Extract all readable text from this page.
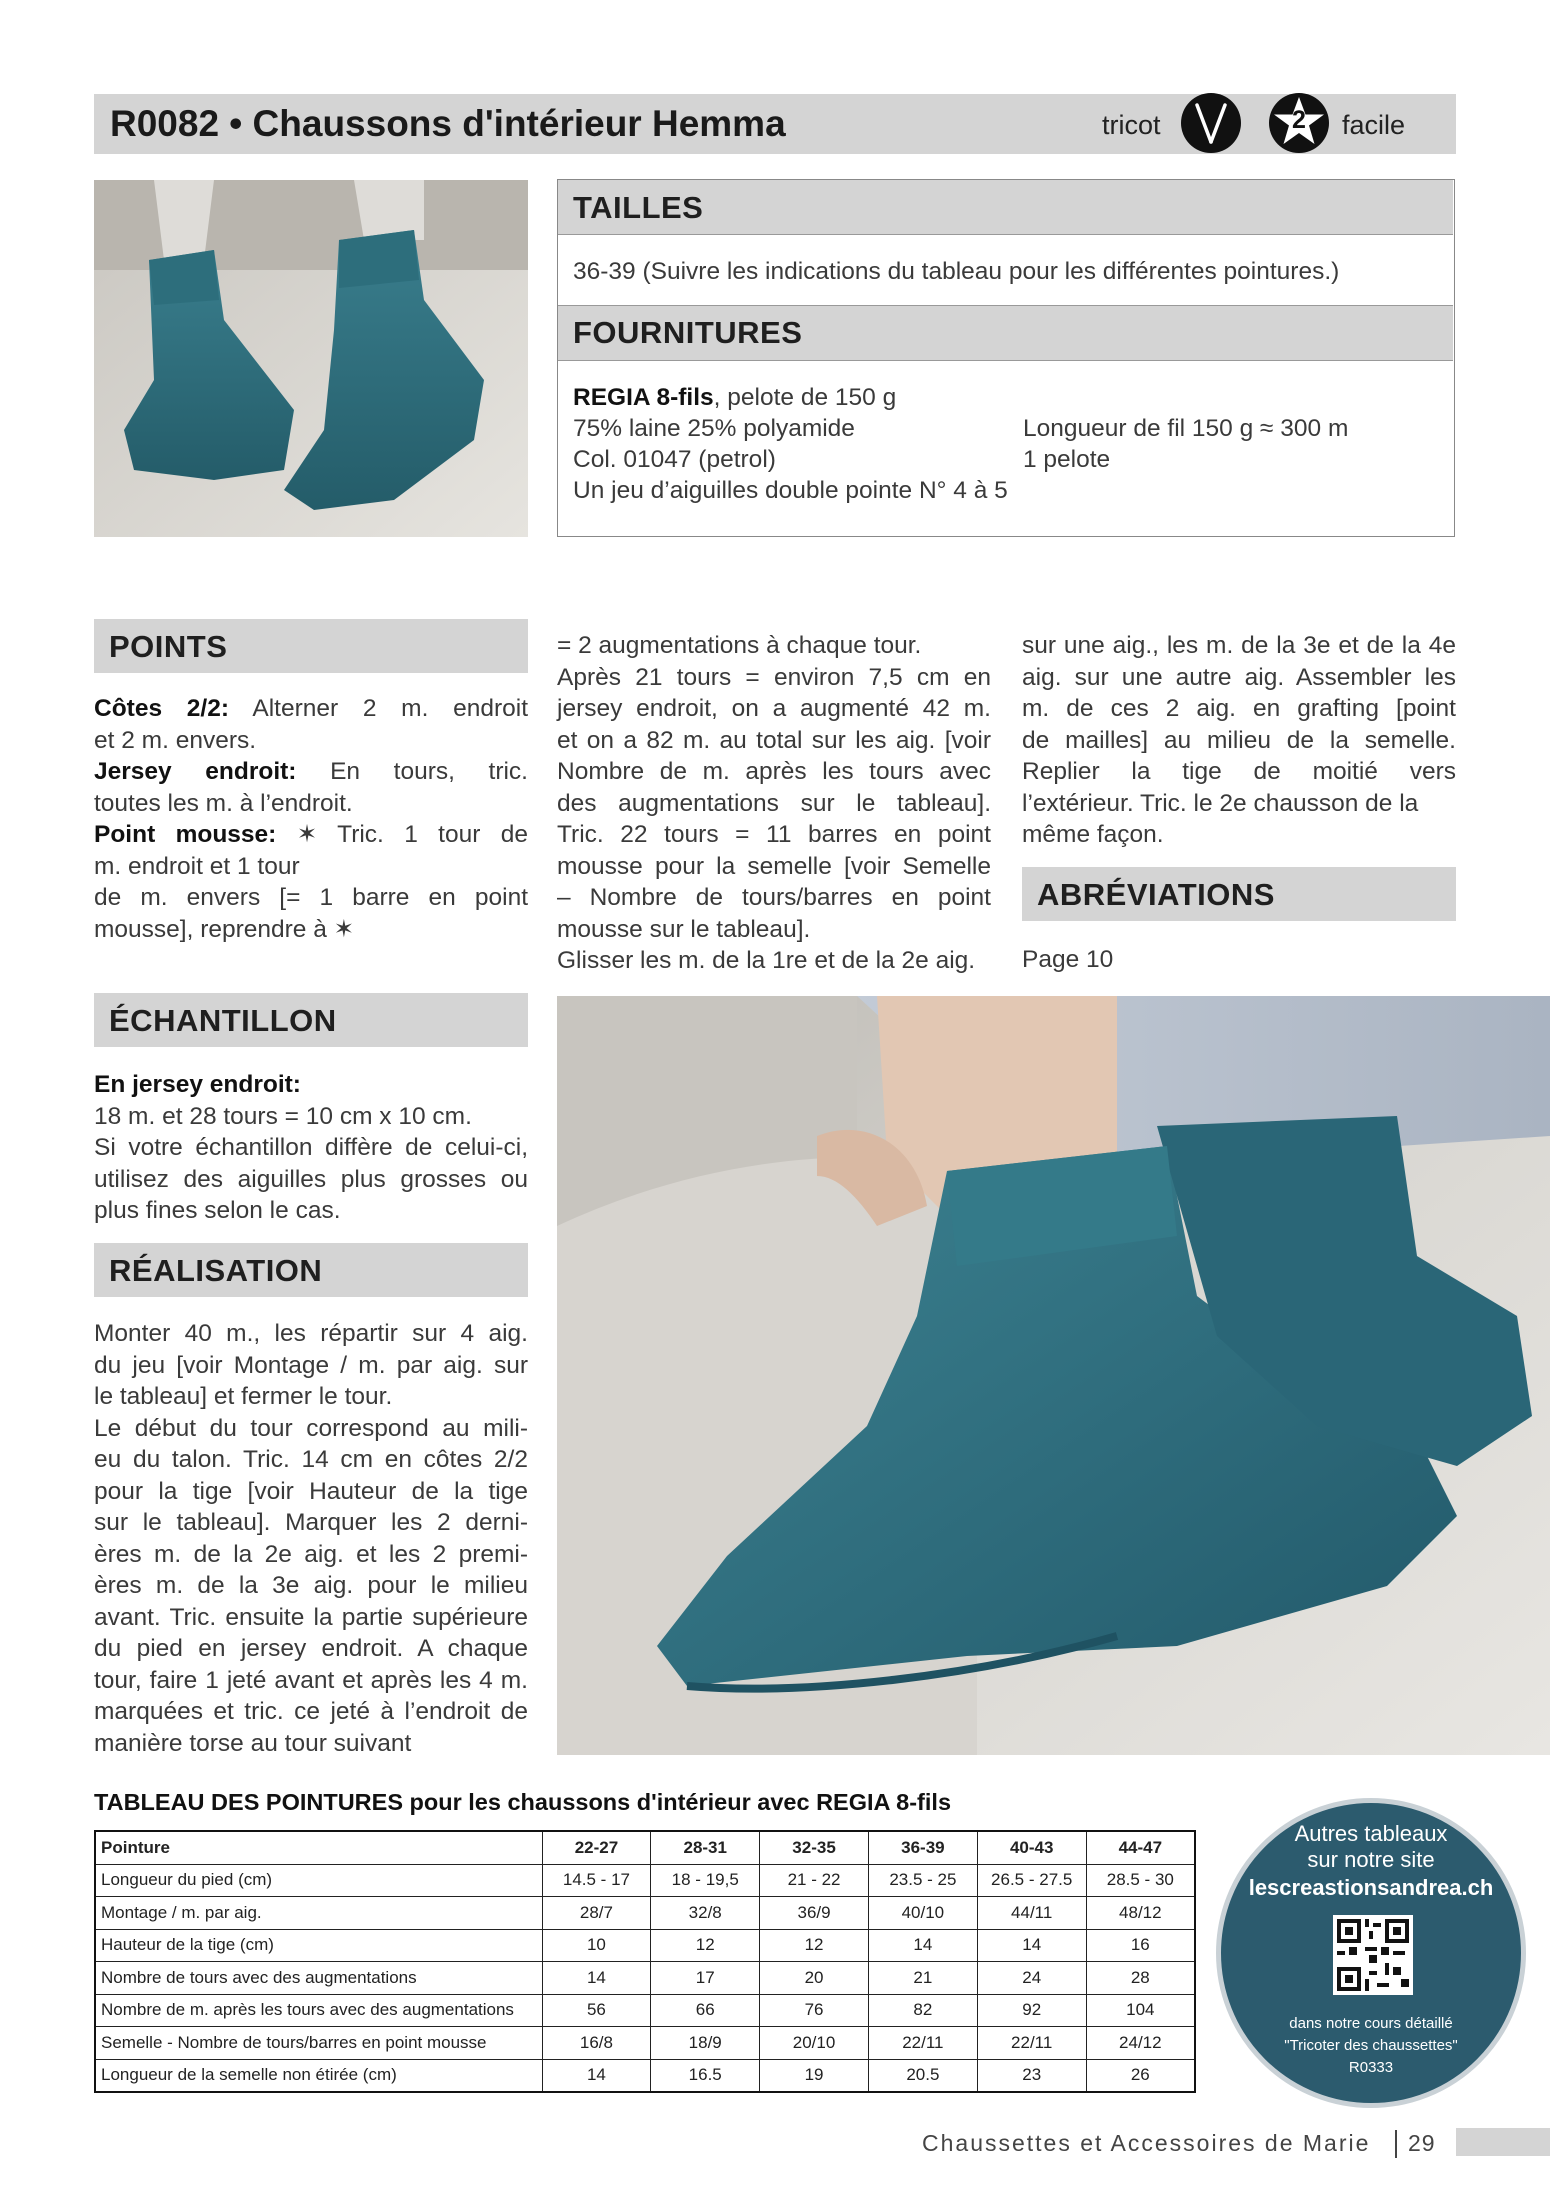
R0082 • Chaussons d'intérieur Hemma	tricot	2	facile
TAILLES
36-39 (Suivre les indications du tableau pour les différentes pointures.)
FOURNITURES
REGIA 8-fils, pelote de 150 g
75% laine 25% polyamide	Longueur de fil 150 g ≈ 300 m
Col. 01047 (petrol)	1 pelote
Un jeu d’aiguilles double pointe N° 4 à 5
POINTS
Côtes 2/2: Alterner 2 m. endroit
et 2 m. envers.
Jersey endroit: En tours, tric.
toutes les m. à l’endroit.
Point mousse: ✶ Tric. 1 tour de
m. endroit et 1 tour
de m. envers [= 1 barre en point
mousse], reprendre à ✶
= 2 augmentations à chaque tour.
Après 21 tours = environ 7,5 cm en
jersey endroit, on a augmenté 42 m.
et on a 82 m. au total sur les aig. [voir
Nombre de m. après les tours avec
des augmentations sur le tableau].
Tric. 22 tours = 11 barres en point
mousse pour la semelle [voir Semelle
– Nombre de tours/barres en point
mousse sur le tableau].
Glisser les m. de la 1re et de la 2e aig.
sur une aig., les m. de la 3e et de la 4e
aig. sur une autre aig. Assembler les
m. de ces 2 aig. en grafting [point
de mailles] au milieu de la semelle.
Replier la tige de moitié vers
l’extérieur. Tric. le 2e chausson de la
même façon.
ABRÉVIATIONS
Page 10
ÉCHANTILLON
En jersey endroit:
18 m. et 28 tours = 10 cm x 10 cm.
Si votre échantillon diffère de celui-ci,
utilisez des aiguilles plus grosses ou
plus fines selon le cas.
RÉALISATION
Monter 40 m., les répartir sur 4 aig.
du jeu [voir Montage / m. par aig. sur
le tableau] et fermer le tour.
Le début du tour correspond au mili-
eu du talon. Tric. 14 cm en côtes 2/2
pour la tige [voir Hauteur de la tige
sur le tableau]. Marquer les 2 derni-
ères m. de la 2e aig. et les 2 premi-
ères m. de la 3e aig. pour le milieu
avant. Tric. ensuite la partie supérieure
du pied en jersey endroit. A chaque
tour, faire 1 jeté avant et après les 4 m.
marquées et tric. ce jeté à l’endroit de
manière torse au tour suivant
TABLEAU DES POINTURES pour les chaussons d'intérieur avec REGIA 8-fils
Pointure	22-27	28-31	32-35	36-39	40-43	44-47
Longueur du pied (cm)	14.5 - 17	18 - 19,5	21 - 22	23.5 - 25	26.5 - 27.5	28.5 - 30
Montage / m. par aig.	28/7	32/8	36/9	40/10	44/11	48/12
Hauteur de la tige (cm)	10	12	12	14	14	16
Nombre de tours avec des augmentations	14	17	20	21	24	28
Nombre de m. après les tours avec des augmentations	56	66	76	82	92	104
Semelle - Nombre de tours/barres en point mousse	16/8	18/9	20/10	22/11	22/11	24/12
Longueur de la semelle non étirée (cm)	14	16.5	19	20.5	23	26
Autres tableaux
sur notre site
lescreastionsandrea.ch
dans notre cours détaillé
"Tricoter des chaussettes"
R0333
Chaussettes et Accessoires de Marie 29
